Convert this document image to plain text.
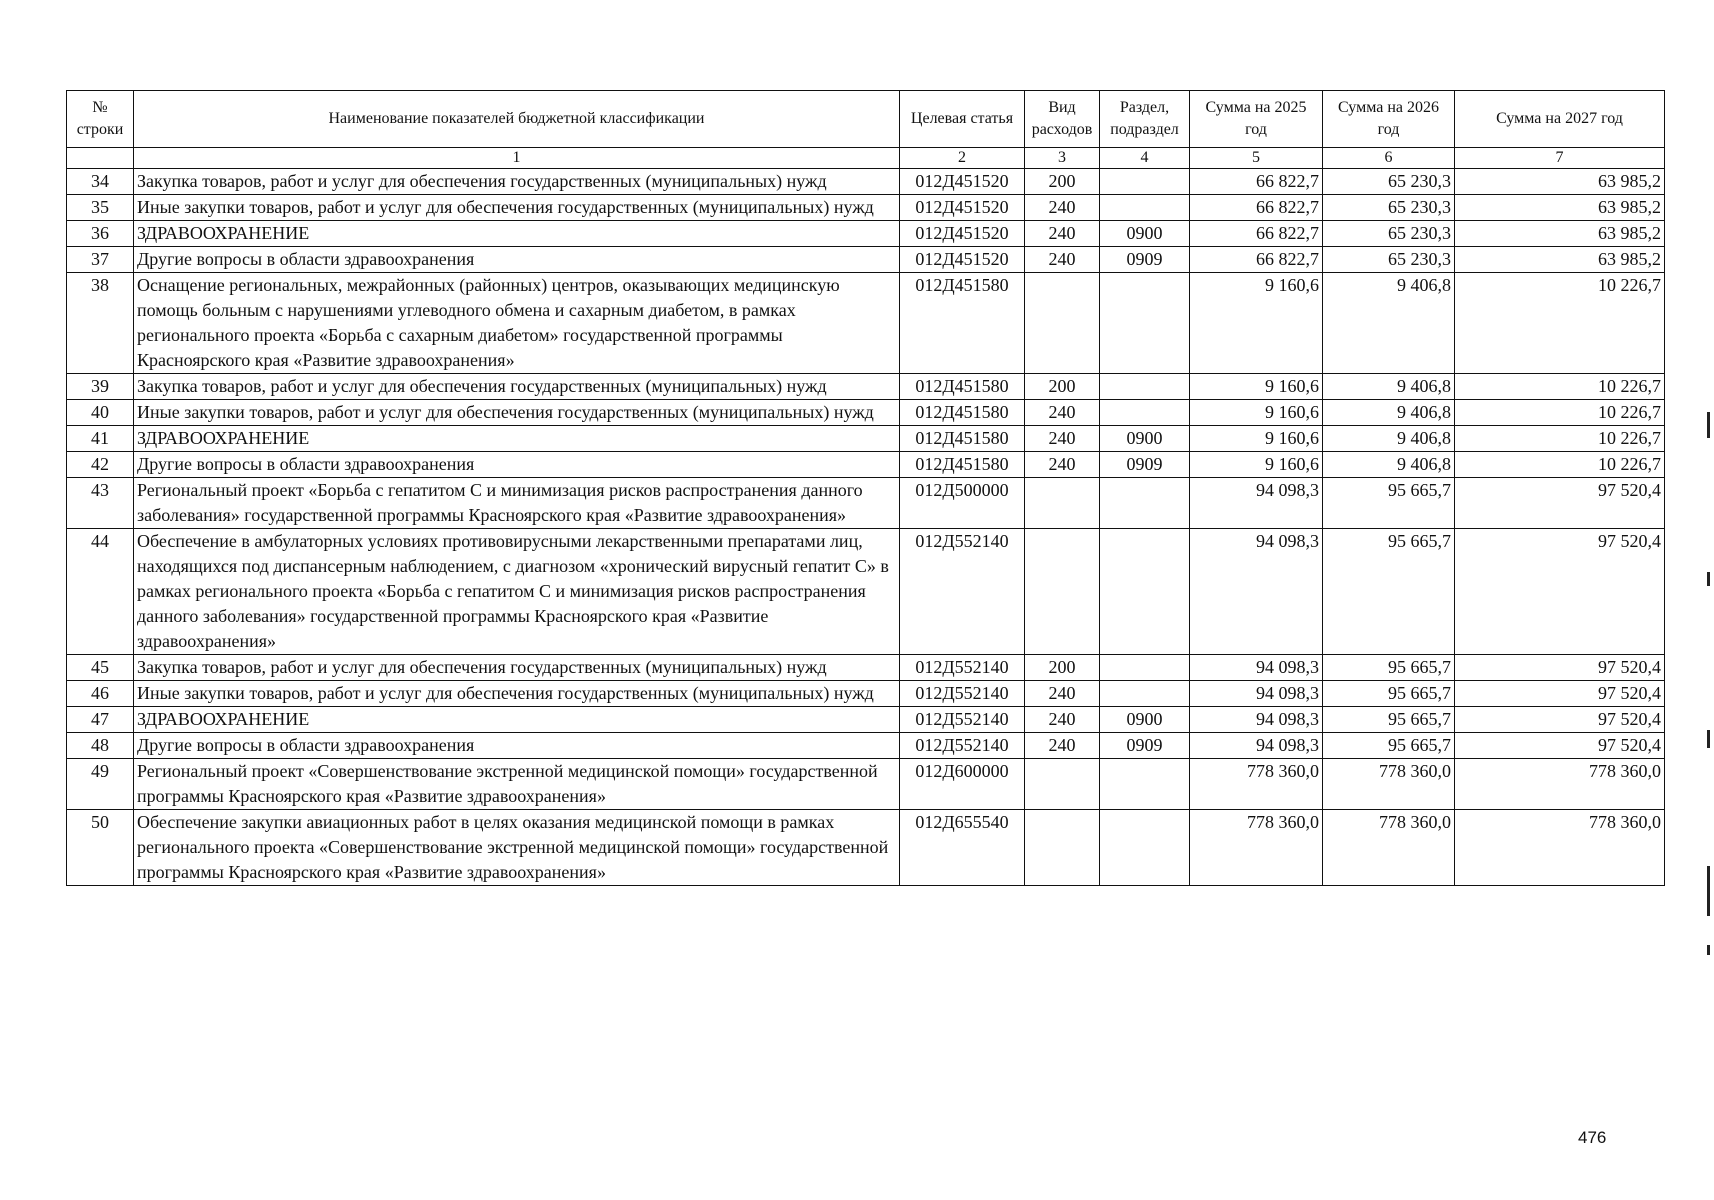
№ строки	Наименование показателей бюджетной классификации	Целевая статья	Вид расходов	Раздел, подраздел	Сумма на 2025 год	Сумма на 2026 год	Сумма на 2027 год
	1	2	3	4	5	6	7
34	Закупка товаров, работ и услуг для обеспечения государственных (муниципальных) нужд	012Д451520	200		66 822,7	65 230,3	63 985,2
35	Иные закупки товаров, работ и услуг для обеспечения государственных (муниципальных) нужд	012Д451520	240		66 822,7	65 230,3	63 985,2
36	ЗДРАВООХРАНЕНИЕ	012Д451520	240	0900	66 822,7	65 230,3	63 985,2
37	Другие вопросы в области здравоохранения	012Д451520	240	0909	66 822,7	65 230,3	63 985,2
38	Оснащение региональных, межрайонных (районных) центров, оказывающих медицинскую помощь больным с нарушениями углеводного обмена и сахарным диабетом, в рамках регионального проекта «Борьба с сахарным диабетом» государственной программы Красноярского края «Развитие здравоохранения»	012Д451580			9 160,6	9 406,8	10 226,7
39	Закупка товаров, работ и услуг для обеспечения государственных (муниципальных) нужд	012Д451580	200		9 160,6	9 406,8	10 226,7
40	Иные закупки товаров, работ и услуг для обеспечения государственных (муниципальных) нужд	012Д451580	240		9 160,6	9 406,8	10 226,7
41	ЗДРАВООХРАНЕНИЕ	012Д451580	240	0900	9 160,6	9 406,8	10 226,7
42	Другие вопросы в области здравоохранения	012Д451580	240	0909	9 160,6	9 406,8	10 226,7
43	Региональный проект «Борьба с гепатитом С и минимизация рисков распространения данного заболевания» государственной программы Красноярского края «Развитие здравоохранения»	012Д500000			94 098,3	95 665,7	97 520,4
44	Обеспечение в амбулаторных условиях противовирусными лекарственными препаратами лиц, находящихся под диспансерным наблюдением, с диагнозом «хронический вирусный гепатит С» в рамках регионального проекта «Борьба с гепатитом С и минимизация рисков распространения данного заболевания» государственной программы Красноярского края «Развитие здравоохранения»	012Д552140			94 098,3	95 665,7	97 520,4
45	Закупка товаров, работ и услуг для обеспечения государственных (муниципальных) нужд	012Д552140	200		94 098,3	95 665,7	97 520,4
46	Иные закупки товаров, работ и услуг для обеспечения государственных (муниципальных) нужд	012Д552140	240		94 098,3	95 665,7	97 520,4
47	ЗДРАВООХРАНЕНИЕ	012Д552140	240	0900	94 098,3	95 665,7	97 520,4
48	Другие вопросы в области здравоохранения	012Д552140	240	0909	94 098,3	95 665,7	97 520,4
49	Региональный проект «Совершенствование экстренной медицинской помощи» государственной программы Красноярского края «Развитие здравоохранения»	012Д600000			778 360,0	778 360,0	778 360,0
50	Обеспечение закупки авиационных работ в целях оказания медицинской помощи в рамках регионального проекта «Совершенствование экстренной медицинской помощи» государственной программы Красноярского края «Развитие здравоохранения»	012Д655540			778 360,0	778 360,0	778 360,0
476
